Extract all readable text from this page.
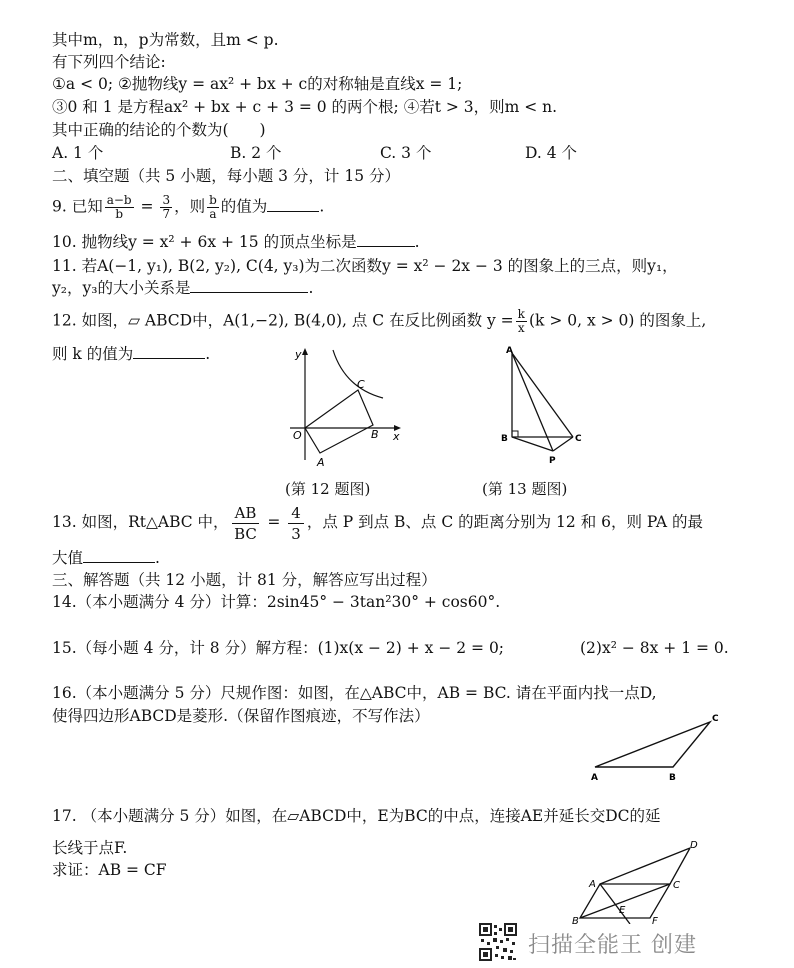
其中m，n，p为常数，且m < p.
有下列四个结论:
①a < 0; ②抛物线y = ax² + bx + c的对称轴是直线x = 1;
③0 和 1 是方程ax² + bx + c + 3 = 0 的两个根; ④若t > 3，则m < n.
其中正确的结论的个数为(　　)
A. 1 个	B. 2 个	C. 3 个	D. 4 个
二、填空题（共 5 小题，每小题 3 分，计 15 分）
9. 已知 $\frac{a-b}{b} = \frac{3}{7}$ ，则 $\frac{b}{a}$ 的值为	.
10. 抛物线y = x² + 6x + 15 的顶点坐标是	.
11. 若A(−1, y₁), B(2, y₂), C(4, y₃)为二次函数y = x² − 2x − 3 的图象上的三点，则y₁，
y₂，y₃的大小关系是	.
12. 如图，▱ ABCD中，A(1,−2), B(4,0), 点 C 在反比例函数 $y = \frac{k}{x} (k > 0$, x > 0) 的图象上,
则 k 的值为	.	y
x
O
C
B
A
(第 12 题图)
A
B	C
P
(第 13 题图)
13. 如图，Rt△ABC 中， $\frac{AB}{BC} = \frac{4}{3}$ ，点 P 到点 B、点 C 的距离分别为 12 和 6，则 PA 的最
大值	.
三、解答题（共 12 小题，计 81 分，解答应写出过程）
14.（本小题满分 4 分）计算：2sin45° − 3tan²30° + cos60°.
15.（每小题 4 分，计 8 分）解方程：(1)x(x − 2) + x − 2 = 0;	(2)x² − 8x + 1 = 0.
16.（本小题满分 5 分）尺规作图：如图，在△ABC中，AB = BC. 请在平面内找一点D,
使得四边形ABCD是菱形.（保留作图痕迹，不写作法）
A	B
C
17. （本小题满分 5 分）如图，在▱ABCD中，E为BC的中点，连接AE并延长交DC的延
长线于点F.
求证：AB = CF
D
A	C
E
B	F
扫描全能王 创建
